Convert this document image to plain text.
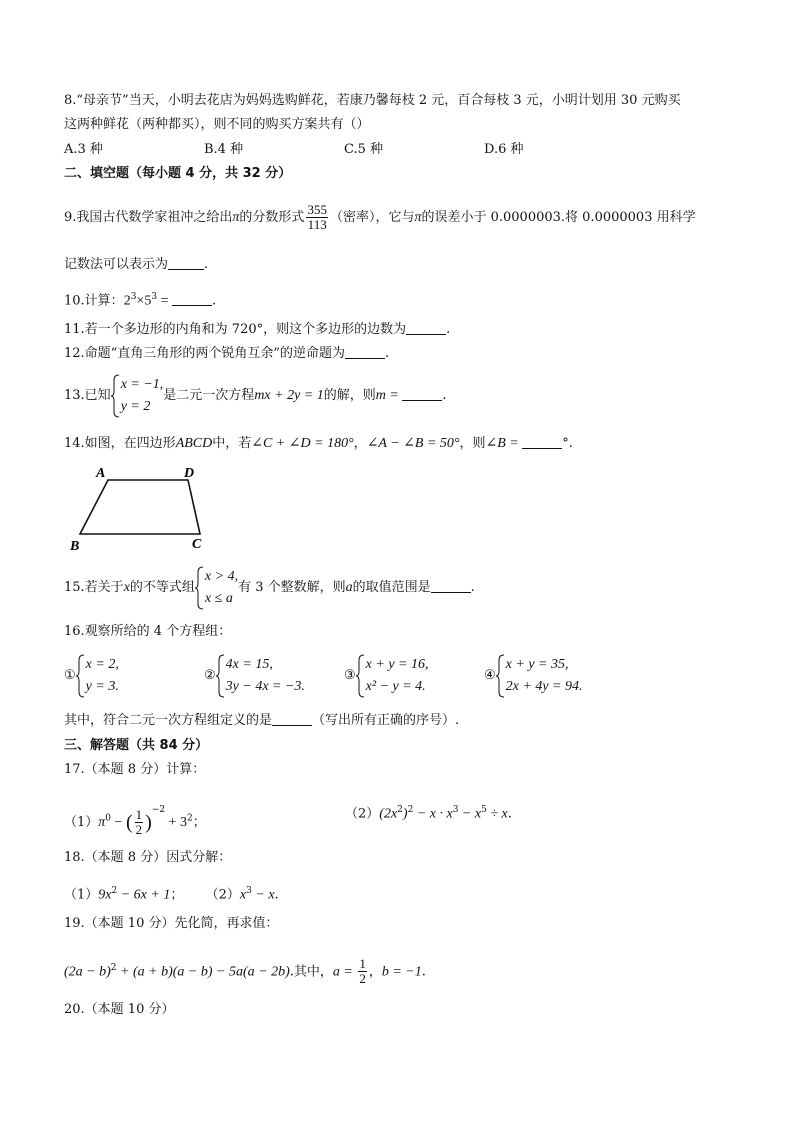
8.“母亲节”当天，小明去花店为妈妈选购鲜花，若康乃馨每枝 2 元，百合每枝 3 元，小明计划用 30 元购买
这两种鲜花（两种都买），则不同的购买方案共有（）
A.3 种	B.4 种	C.5 种	D.6 种
二、填空题（每小题 4 分，共 32 分）
9.我国古代数学家祖冲之给出π的分数形式 $\frac{355}{113}$ （密率），它与π的误差小于 0.0000003.将 0.0000003 用科学
记数法可以表示为	.
10.计算：$2^3\times 5^3$ =	.
11.若一个多边形的内角和为 720°，则这个多边形的边数为	.
12.命题“直角三角形的两个锐角互余”的逆命题为	.
13.已知
x = −1,
y = 2
是二元一次方程mx + 2y = 1的解，则m =	.
14.如图，在四边形ABCD中，若∠C + ∠D = 180°，∠A − ∠B = 50°，则∠B =	°.
A	D
B	C
15.若关于x的不等式组
x > 4,
x ≤ a
有 3 个整数解，则a的取值范围是	.
16.观察所给的 4 个方程组：
①
x = 2,
y = 3.
②
4x = 15,
3y − 4x = −3.
③
x + y = 16,
x² − y = 4.
④
x + y = 35,
2x + 4y = 94.
其中，符合二元一次方程组定义的是	（写出所有正确的序号）.
三、解答题（共 84 分）
17.（本题 8 分）计算：
$(1)\pi^0$ − ( $\frac{1}{2} )^{-2} + 3^2$；
$(2)(2x^2)^2 - x \cdot x^3 - x^5 \div x$.
18.（本题 8 分）因式分解：
$(1)9x^2 - 6x + 1$； $(2)x^3 - x$.
19.（本题 10 分）先化简，再求值：
$(2a - b)^2 + (a + b)(a - b) - 5a(a - 2b)$.其中，$a = \frac{1}{2}$ ，b = −1.
20.（本题 10 分）
